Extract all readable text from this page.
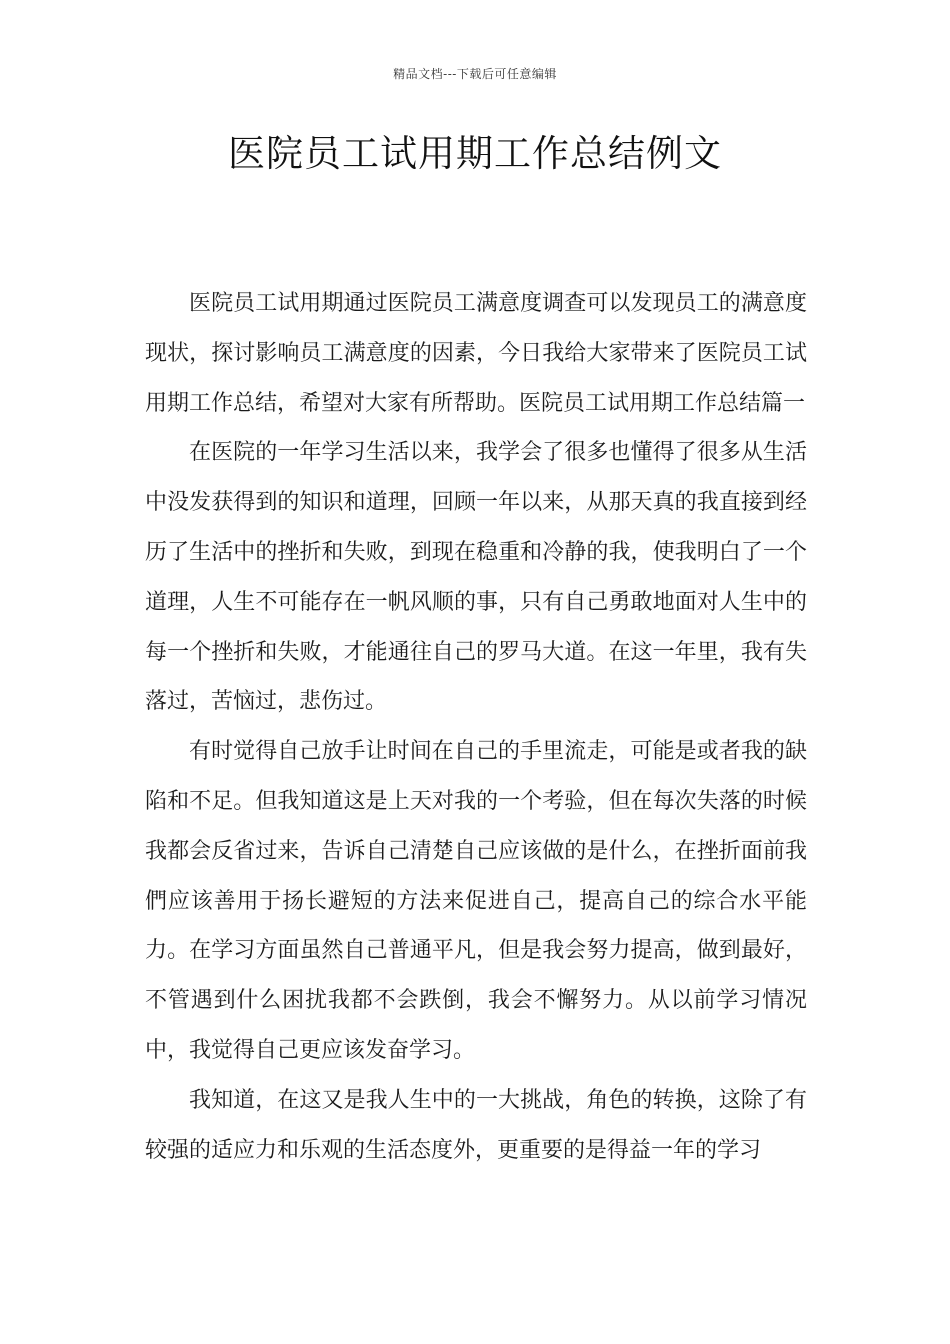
精品文档---下载后可任意编辑
医院员工试用期工作总结例文

医院员工试用期通过医院员工满意度调查可以发现员工的满意度现状，探讨影响员工满意度的因素，今日我给大家带来了医院员工试用期工作总结，希望对大家有所帮助。医院员工试用期工作总结篇一

在医院的一年学习生活以来，我学会了很多也懂得了很多从生活中没发获得到的知识和道理，回顾一年以来，从那天真的我直接到经历了生活中的挫折和失败，到现在稳重和冷静的我，使我明白了一个道理，人生不可能存在一帆风顺的事，只有自己勇敢地面对人生中的每一个挫折和失败，才能通往自己的罗马大道。在这一年里，我有失落过，苦恼过，悲伤过。

有时觉得自己放手让时间在自己的手里流走，可能是或者我的缺陷和不足。但我知道这是上天对我的一个考验，但在每次失落的时候我都会反省过来，告诉自己清楚自己应该做的是什么，在挫折面前我們应该善用于扬长避短的方法来促进自己，提高自己的综合水平能力。在学习方面虽然自己普通平凡，但是我会努力提高，做到最好，不管遇到什么困扰我都不会跌倒，我会不懈努力。从以前学习情况中，我觉得自己更应该发奋学习。

我知道，在这又是我人生中的一大挑战，角色的转换，这除了有较强的适应力和乐观的生活态度外，更重要的是得益一年的学习
